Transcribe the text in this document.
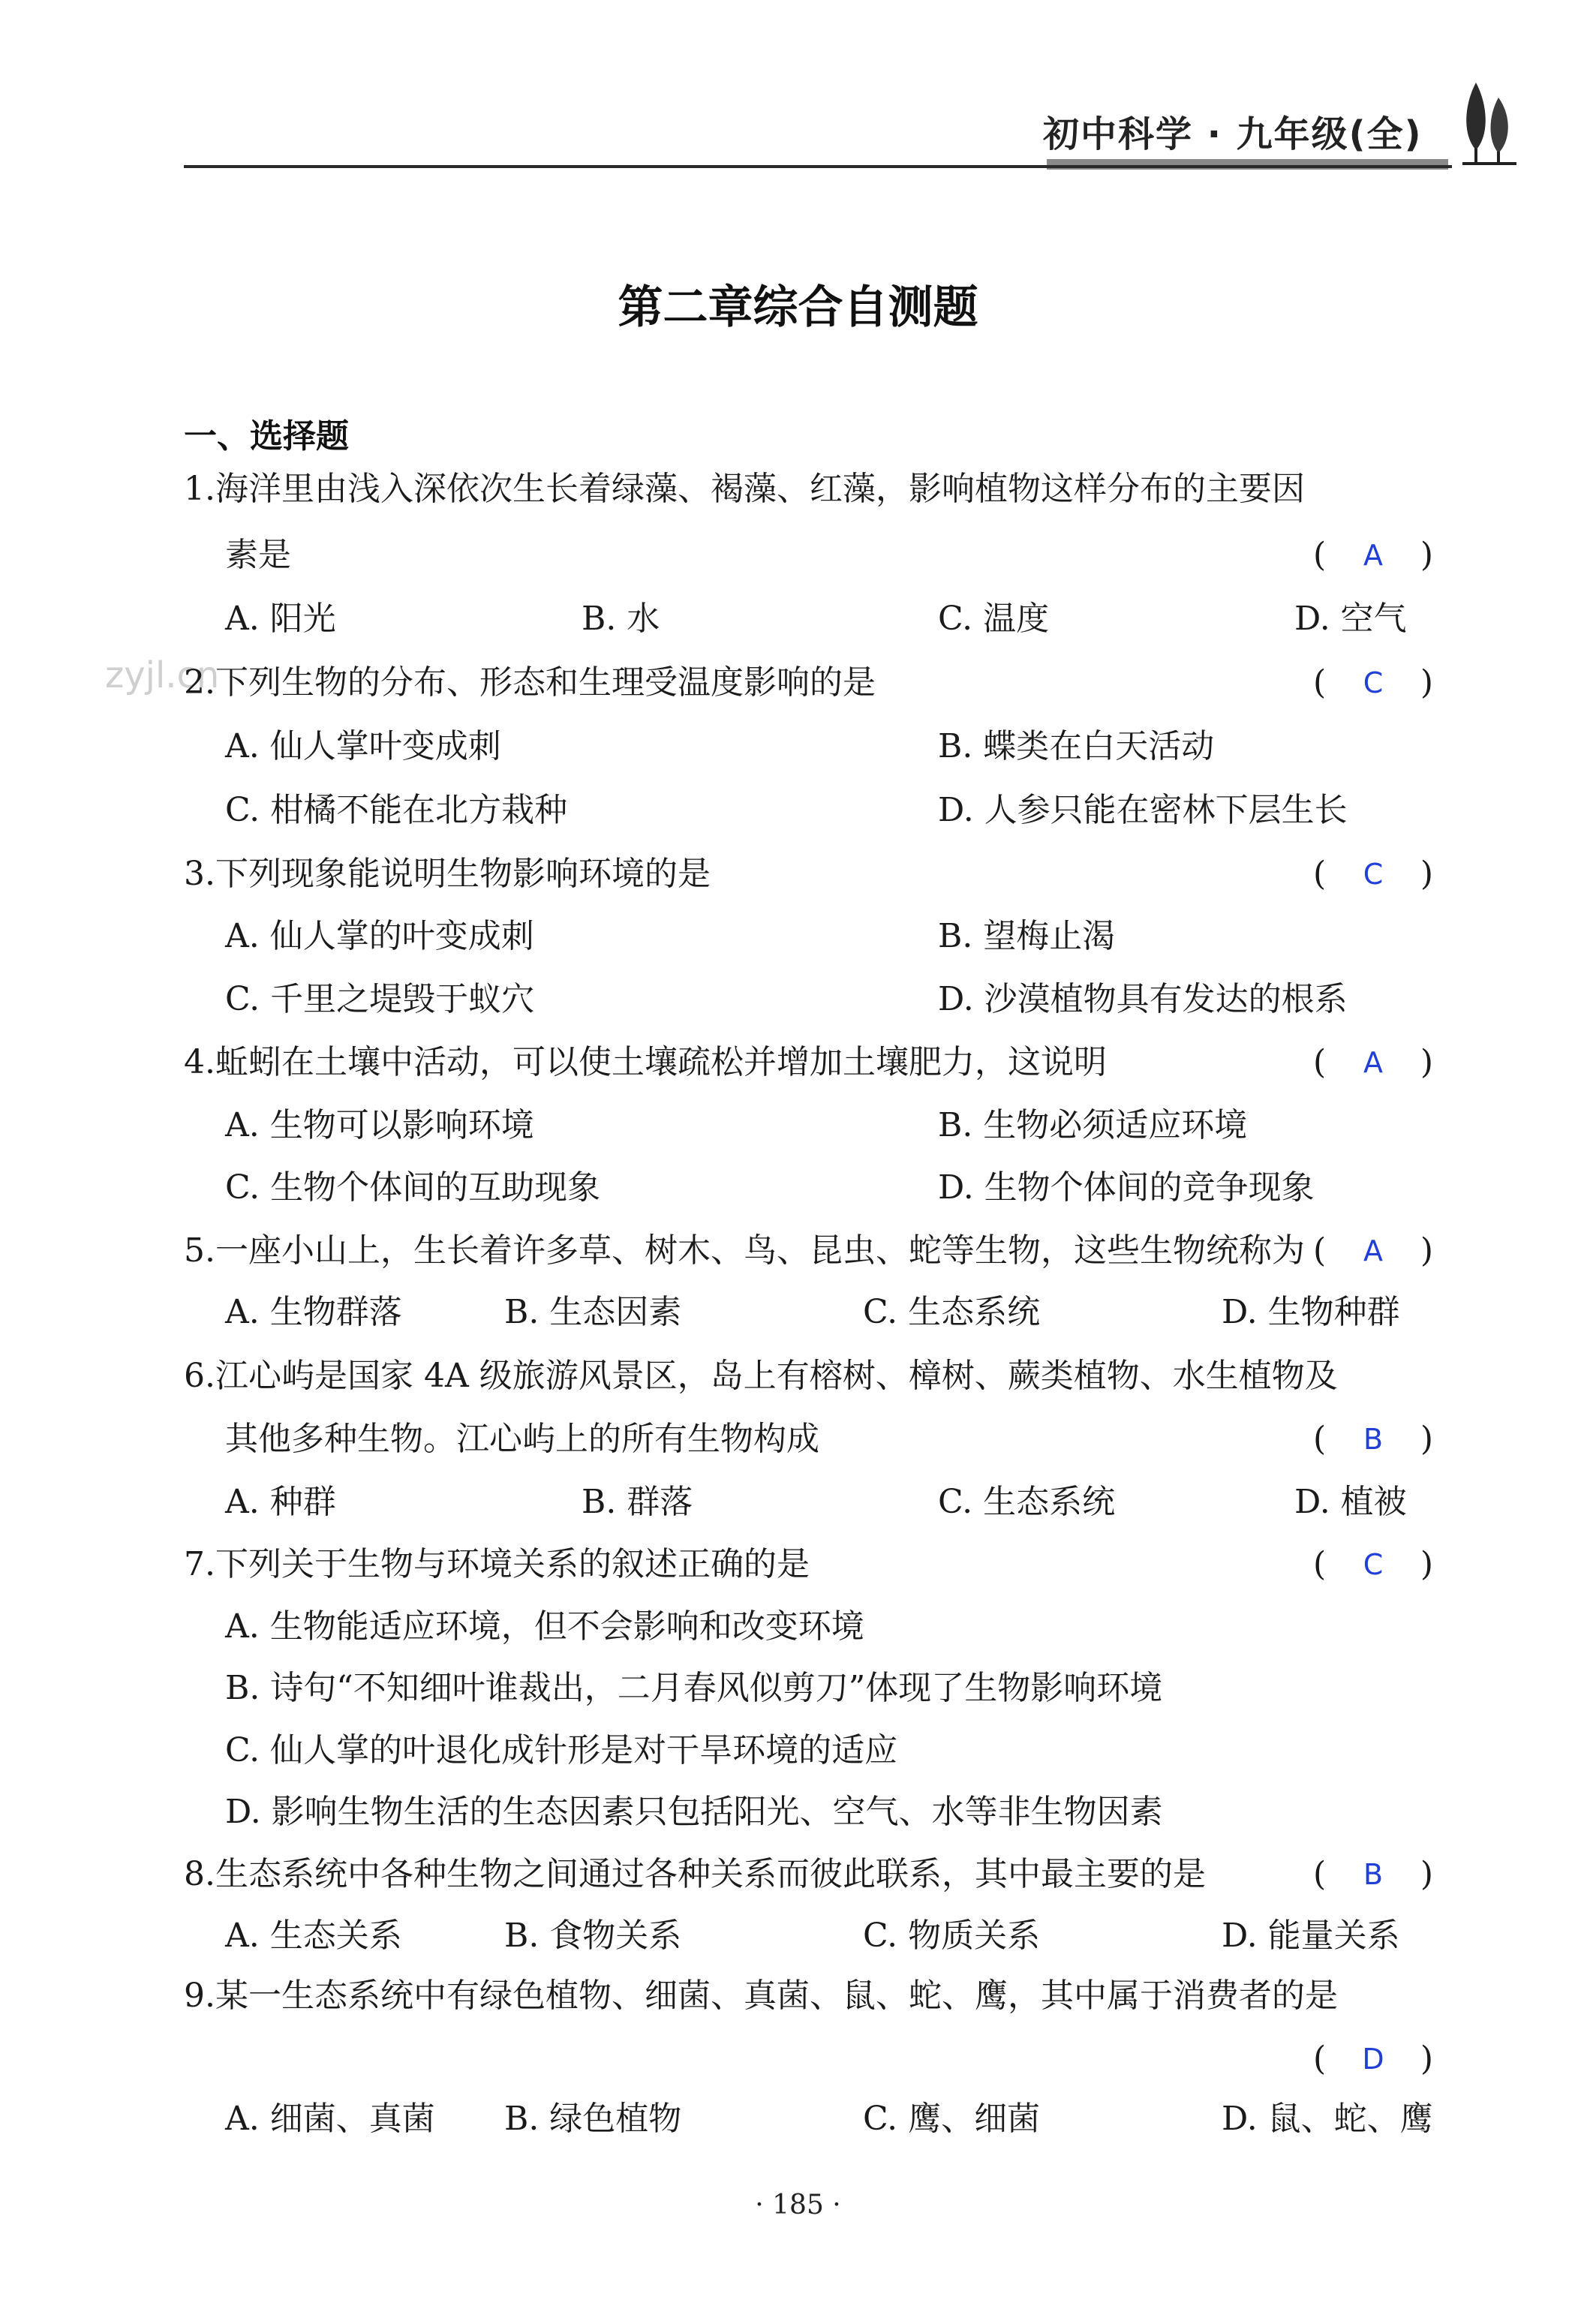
初中科学 · 九年级(全)
zyjl.cn
第二章综合自测题
一、选择题
1.海洋里由浅入深依次生长着绿藻、褐藻、红藻，影响植物这样分布的主要因
素是	( A )
A. 阳光	B. 水	C. 温度	D. 空气
2.下列生物的分布、形态和生理受温度影响的是	( C )
A. 仙人掌叶变成刺	B. 蝶类在白天活动
C. 柑橘不能在北方栽种	D. 人参只能在密林下层生长
3.下列现象能说明生物影响环境的是	( C )
A. 仙人掌的叶变成刺	B. 望梅止渴
C. 千里之堤毁于蚁穴	D. 沙漠植物具有发达的根系
4.蚯蚓在土壤中活动，可以使土壤疏松并增加土壤肥力，这说明	( A )
A. 生物可以影响环境	B. 生物必须适应环境
C. 生物个体间的互助现象	D. 生物个体间的竞争现象
5.一座小山上，生长着许多草、树木、鸟、昆虫、蛇等生物，这些生物统称为 ( A )
A. 生物群落	B. 生态因素	C. 生态系统	D. 生物种群
6.江心屿是国家 4A 级旅游风景区，岛上有榕树、樟树、蕨类植物、水生植物及
其他多种生物。江心屿上的所有生物构成	( B )
A. 种群	B. 群落	C. 生态系统	D. 植被
7.下列关于生物与环境关系的叙述正确的是	( C )
A. 生物能适应环境，但不会影响和改变环境
B. 诗句“不知细叶谁裁出，二月春风似剪刀”体现了生物影响环境
C. 仙人掌的叶退化成针形是对干旱环境的适应
D. 影响生物生活的生态因素只包括阳光、空气、水等非生物因素
8.生态系统中各种生物之间通过各种关系而彼此联系，其中最主要的是	( B )
A. 生态关系	B. 食物关系	C. 物质关系	D. 能量关系
9.某一生态系统中有绿色植物、细菌、真菌、鼠、蛇、鹰，其中属于消费者的是
( D )
A. 细菌、真菌 B. 绿色植物	C. 鹰、细菌	D. 鼠、蛇、鹰
· 185 ·
